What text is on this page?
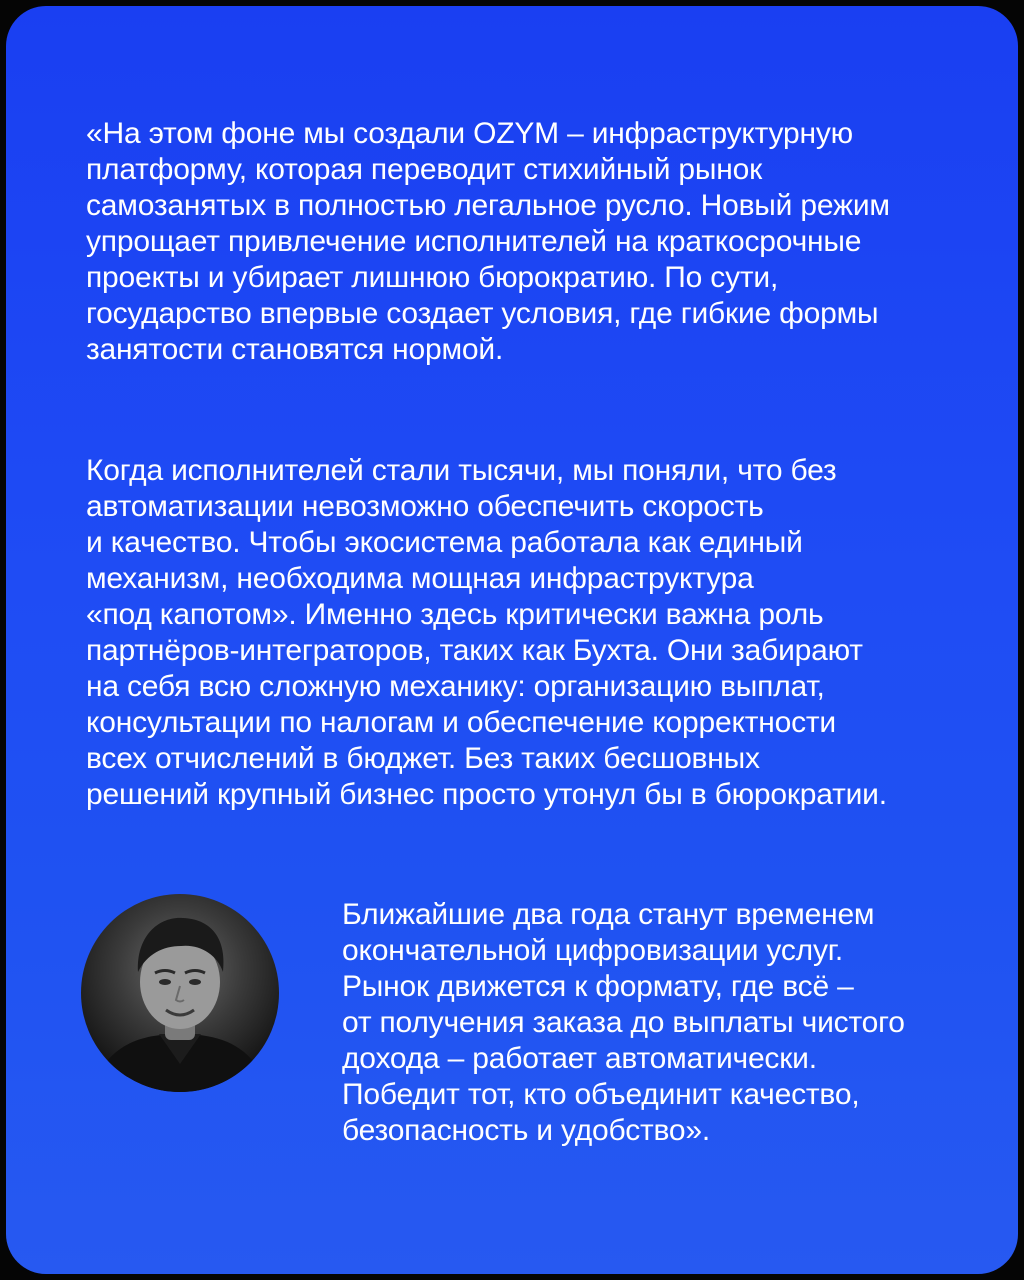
«На этом фоне мы создали OZYM – инфраструктурную
платформу, которая переводит стихийный рынок
самозанятых в полностью легальное русло. Новый режим
упрощает привлечение исполнителей на краткосрочные
проекты и убирает лишнюю бюрократию. По сути,
государство впервые создает условия, где гибкие формы
занятости становятся нормой.
Когда исполнителей стали тысячи, мы поняли, что без
автоматизации невозможно обеспечить скорость
и качество. Чтобы экосистема работала как единый
механизм, необходима мощная инфраструктура
«под капотом». Именно здесь критически важна роль
партнёров-интеграторов, таких как Бухта. Они забирают
на себя всю сложную механику: организацию выплат,
консультации по налогам и обеспечение корректности
всех отчислений в бюджет. Без таких бесшовных
решений крупный бизнес просто утонул бы в бюрократии.
Ближайшие два года станут временем
окончательной цифровизации услуг.
Рынок движется к формату, где всё –
от получения заказа до выплаты чистого
дохода – работает автоматически.
Победит тот, кто объединит качество,
безопасность и удобство».
